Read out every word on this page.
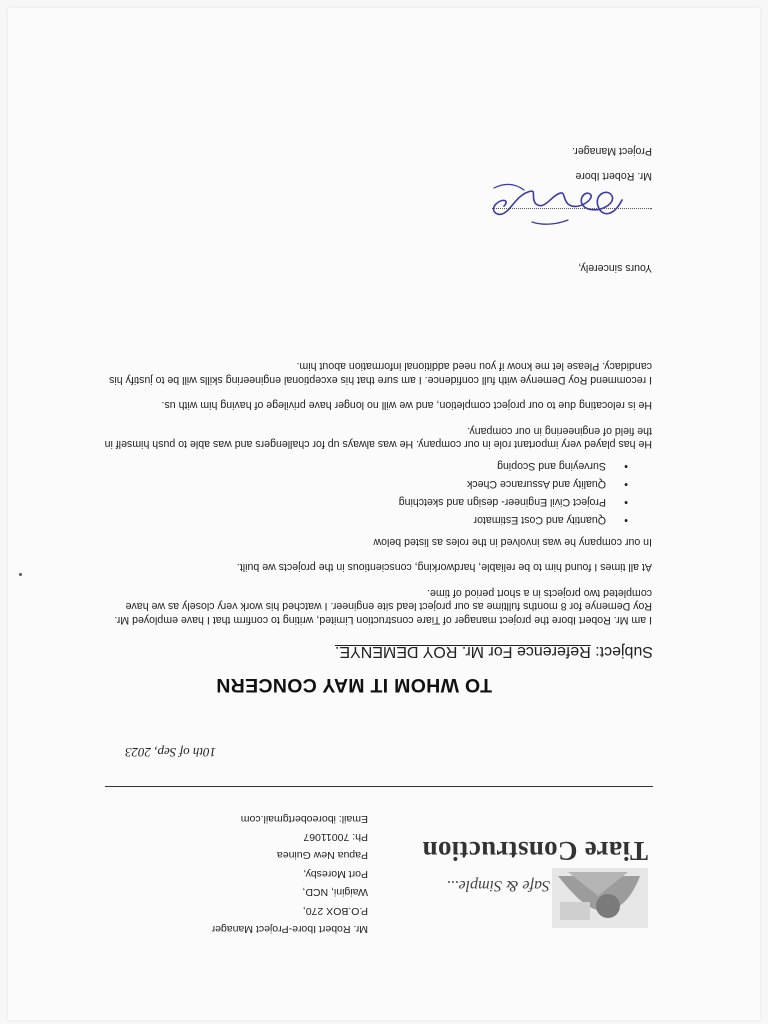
Safe & Simple...
Tiare Construction
Mr. Robert Ibore-Project Manager
P.O.BOX 270,
Waigini, NCD,
Port Moresby,
Papua New Guinea
Ph: 70011067
Email: iboreobertgmail.com
10th of Sep, 2023
TO WHOM IT MAY CONCERN
Subject: Reference For Mr. ROY DEMENYE.

I am Mr. Robert Ibore the project manager of Tiare construction Limited, writing to confirm that I have employed Mr. Roy Demenye for 8 months fulltime as our project lead site engineer. I watched his work very closely as we have completed two projects in a short period of time.

At all times I found him to be reliable, hardworking, conscientious in the projects we built.

In our company he was involved in the roles as listed below

• Quantity and Cost Estimator
• Project Civil Engineer- design and sketching
• Quality and Assurance Check
• Surveying and Scoping

He has played very important role in our company. He was always up for challengers and was able to push himself in the field of engineering in our company.

He is relocating due to our project completion, and we will no longer have privilege of having him with us.

I recommend Roy Demenye with full confidence. I am sure that his exceptional engineering skills will be to justify his candidacy. Please let me know if you need additional information about him.

Yours sincerely,
Mr. Robert Ibore
Project Manager.
